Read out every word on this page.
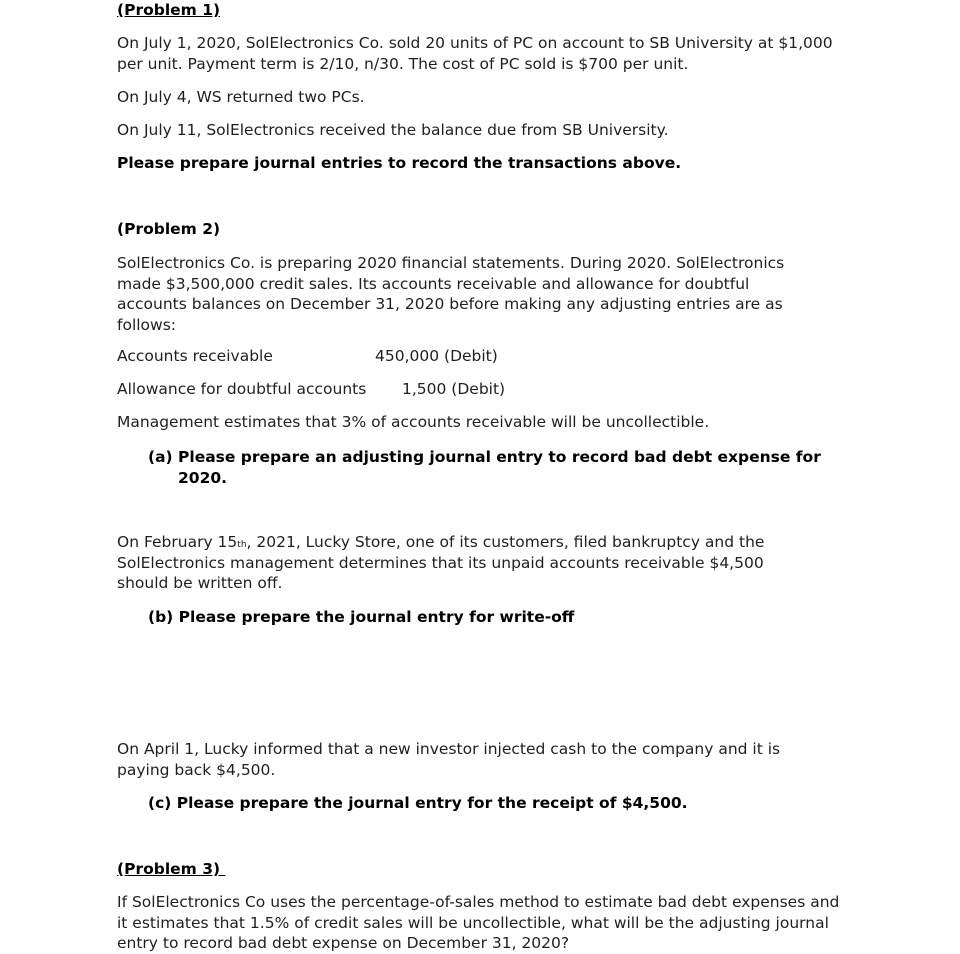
(Problem 1)

On July 1, 2020, SolElectronics Co. sold 20 units of PC on account to SB University at $1,000 per unit. Payment term is 2/10, n/30. The cost of PC sold is $700 per unit.

On July 4, WS returned two PCs.

On July 11, SolElectronics received the balance due from SB University.

Please prepare journal entries to record the transactions above.

(Problem 2)

SolElectronics Co. is preparing 2020 financial statements. During 2020. SolElectronics made $3,500,000 credit sales. Its accounts receivable and allowance for doubtful accounts balances on December 31, 2020 before making any adjusting entries are as follows:

Accounts receivable	450,000 (Debit)
Allowance for doubtful accounts 1,500 (Debit)

Management estimates that 3% of accounts receivable will be uncollectible.

(a) Please prepare an adjusting journal entry to record bad debt expense for 2020.

On February 15th, 2021, Lucky Store, one of its customers, filed bankruptcy and the SolElectronics management determines that its unpaid accounts receivable $4,500 should be written off.

(b) Please prepare the journal entry for write-off

On April 1, Lucky informed that a new investor injected cash to the company and it is paying back $4,500.

(c) Please prepare the journal entry for the receipt of $4,500.

(Problem 3)

If SolElectronics Co uses the percentage-of-sales method to estimate bad debt expenses and it estimates that 1.5% of credit sales will be uncollectible, what will be the adjusting journal entry to record bad debt expense on December 31, 2020?
